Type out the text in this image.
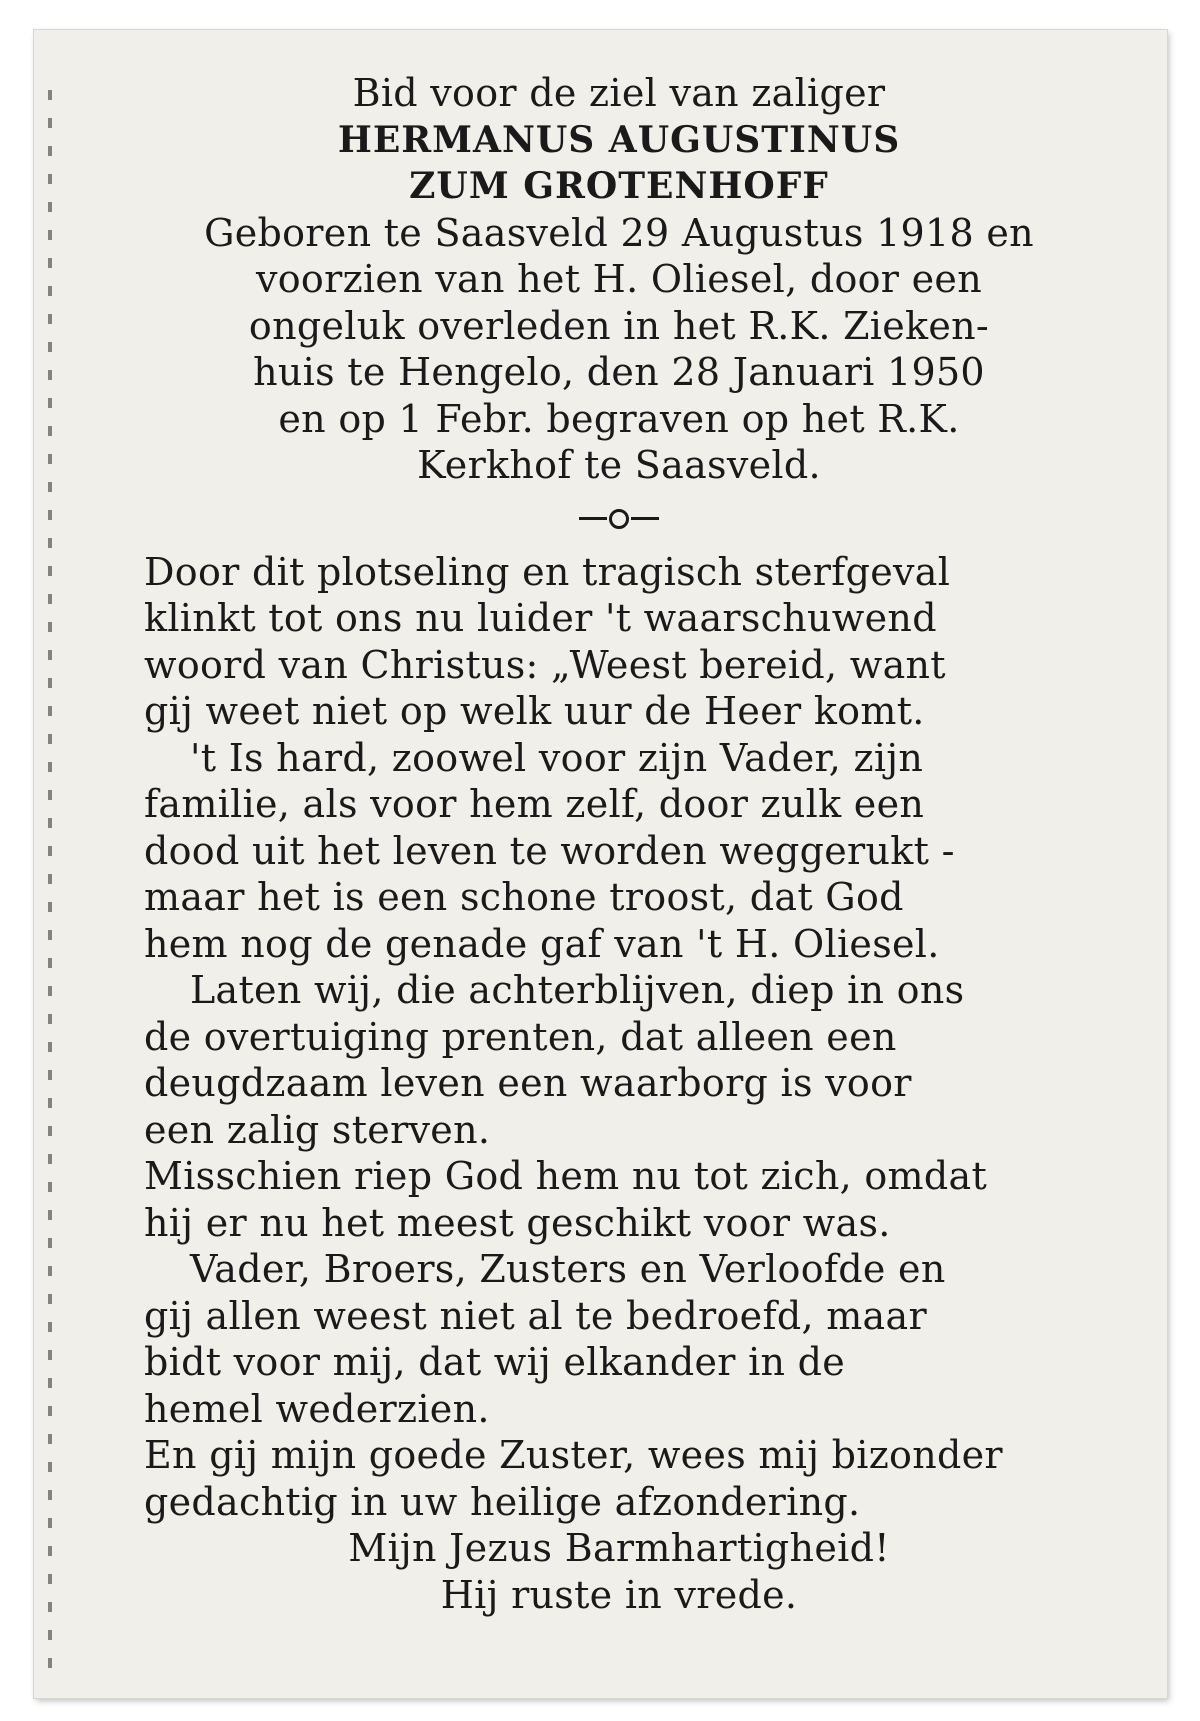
Bid voor de ziel van zaliger
HERMANUS AUGUSTINUS
ZUM GROTENHOFF
Geboren te Saasveld 29 Augustus 1918 en
voorzien van het H. Oliesel, door een
ongeluk overleden in het R.K. Zieken-
huis te Hengelo, den 28 Januari 1950
en op 1 Febr. begraven op het R.K.
Kerkhof te Saasveld.
Door dit plotseling en tragisch sterfgeval
klinkt tot ons nu luider 't waarschuwend
woord van Christus: „Weest bereid, want
gij weet niet op welk uur de Heer komt.
't Is hard, zoowel voor zijn Vader, zijn
familie, als voor hem zelf, door zulk een
dood uit het leven te worden weggerukt -
maar het is een schone troost, dat God
hem nog de genade gaf van 't H. Oliesel.
Laten wij, die achterblijven, diep in ons
de overtuiging prenten, dat alleen een
deugdzaam leven een waarborg is voor
een zalig sterven.
Misschien riep God hem nu tot zich, omdat
hij er nu het meest geschikt voor was.
Vader, Broers, Zusters en Verloofde en
gij allen weest niet al te bedroefd, maar
bidt voor mij, dat wij elkander in de
hemel wederzien.
En gij mijn goede Zuster, wees mij bizonder
gedachtig in uw heilige afzondering.
Mijn Jezus Barmhartigheid!
Hij ruste in vrede.
